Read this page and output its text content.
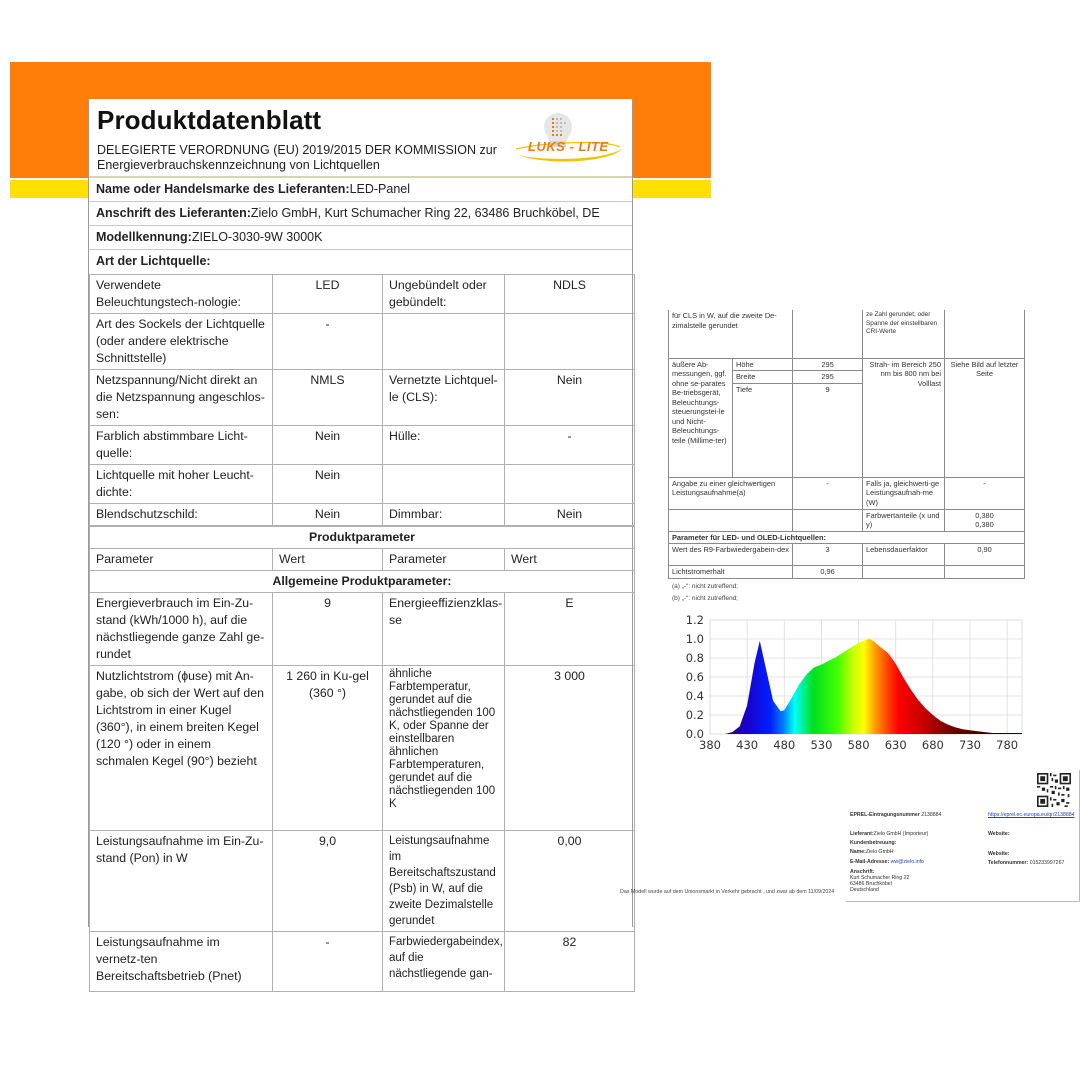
Produktdatenblatt
DELEGIERTE VERORDNUNG (EU) 2019/2015 DER KOMMISSION zur
Energieverbrauchskennzeichnung von Lichtquellen
LUKS - LITE
Name oder Handelsmarke des Lieferanten:LED-Panel
Anschrift des Lieferanten:Zielo GmbH, Kurt Schumacher Ring 22, 63486 Bruchköbel, DE
Modellkennung:ZIELO-3030-9W 3000K
Art der Lichtquelle:
Verwendete Beleuchtungstech-nologie:	LED	Ungebündelt oder gebündelt:	NDLS
Art des Sockels der Lichtquelle (oder andere elektrische Schnittstelle)	-		
Netzspannung/Nicht direkt an die Netzspannung angeschlos-sen:	NMLS	Vernetzte Lichtquel-le (CLS):	Nein
Farblich abstimmbare Licht-quelle:	Nein	Hülle:	-
Lichtquelle mit hoher Leucht-dichte:	Nein		
Blendschutzschild:	Nein	Dimmbar:	Nein
Produktparameter			
Parameter	Wert	Parameter	Wert
Allgemeine Produktparameter:			
Energieverbrauch im Ein-Zu-stand (kWh/1000 h), auf die nächstliegende ganze Zahl ge-rundet	9	Energieeffizienzklas-se	E
Nutzlichtstrom (ɸuse) mit An-gabe, ob sich der Wert auf den Lichtstrom in einer Kugel (360°), in einem breiten Kegel (120 °) oder in einem schmalen Kegel (90°) bezieht	1 260 in Ku-gel (360 °)	ähnliche Farbtemperatur, gerundet auf die nächstliegenden 100 K, oder Spanne der einstellbaren ähnlichen Farbtemperaturen, gerundet auf die nächstliegenden 100 K	3 000
Leistungsaufnahme im Ein-Zu-stand (Pon) in W	9,0	Leistungsaufnahme im Bereitschaftszustand (Psb) in W, auf die zweite Dezimalstelle gerundet	0,00
Leistungsaufnahme im vernetz-ten Bereitschaftsbetrieb (Pnet)	-	Farbwiedergabeindex, auf die nächstliegende gan-	82
für CLS in W, auf die zweite De-zimalstelle gerundet			ze Zahl gerundet, oder Spanne der einstellbaren CRI-Werte	
äußere Ab-messungen, ggf. ohne se-parates Be-triebsgerät, Beleuchtungs-steuerungstei-le und Nicht-Beleuchtungs-teile (Millime-ter)	Höhe	295	Strah- im Bereich 250 nm bis 800 nm bei Volllast	Siehe Bild auf letzter Seite
	Breite	295		
	Tiefe	9		
Angabe zu einer gleichwertigen Leistungsaufnahme(a)		-	Falls ja, gleichwerti-ge Leistungsaufnah-me (W)	-
			Farbwertanteile (x und y)	0,380
0,380

Parameter für LED- und OLED-Lichtquellen:				
Wert des R9-Farbwiedergabein-dex		3	Lebensdauerfaktor	0,90
Lichtstromerhalt		0,96		
(a) „-“: nicht zutreffend;
(b) „-“: nicht zutreffend;
0.0
0.2
0.4
0.6
0.8
1.0
1.2
380 430 480 530 580 630 680 730 780
EPREL-Eintragungsnummer 2138884	https://eprel.ec.europa.eu/qr/2138884
Lieferant:Zielo GmbH (Importeur)	Website:
Kundenbetreuung:
Name:Zielo GmbH	Website:
E-Mail-Adresse: ww@zielo.info	Telefonnummer: 015233997267
Anschrift:
Kurt Schumacher Ring 22
63486 Bruchköbel
Deutschland
Das Modell wurde auf dem Unionsmarkt in Verkehr gebracht , und zwar ab dem 11/09/2024
